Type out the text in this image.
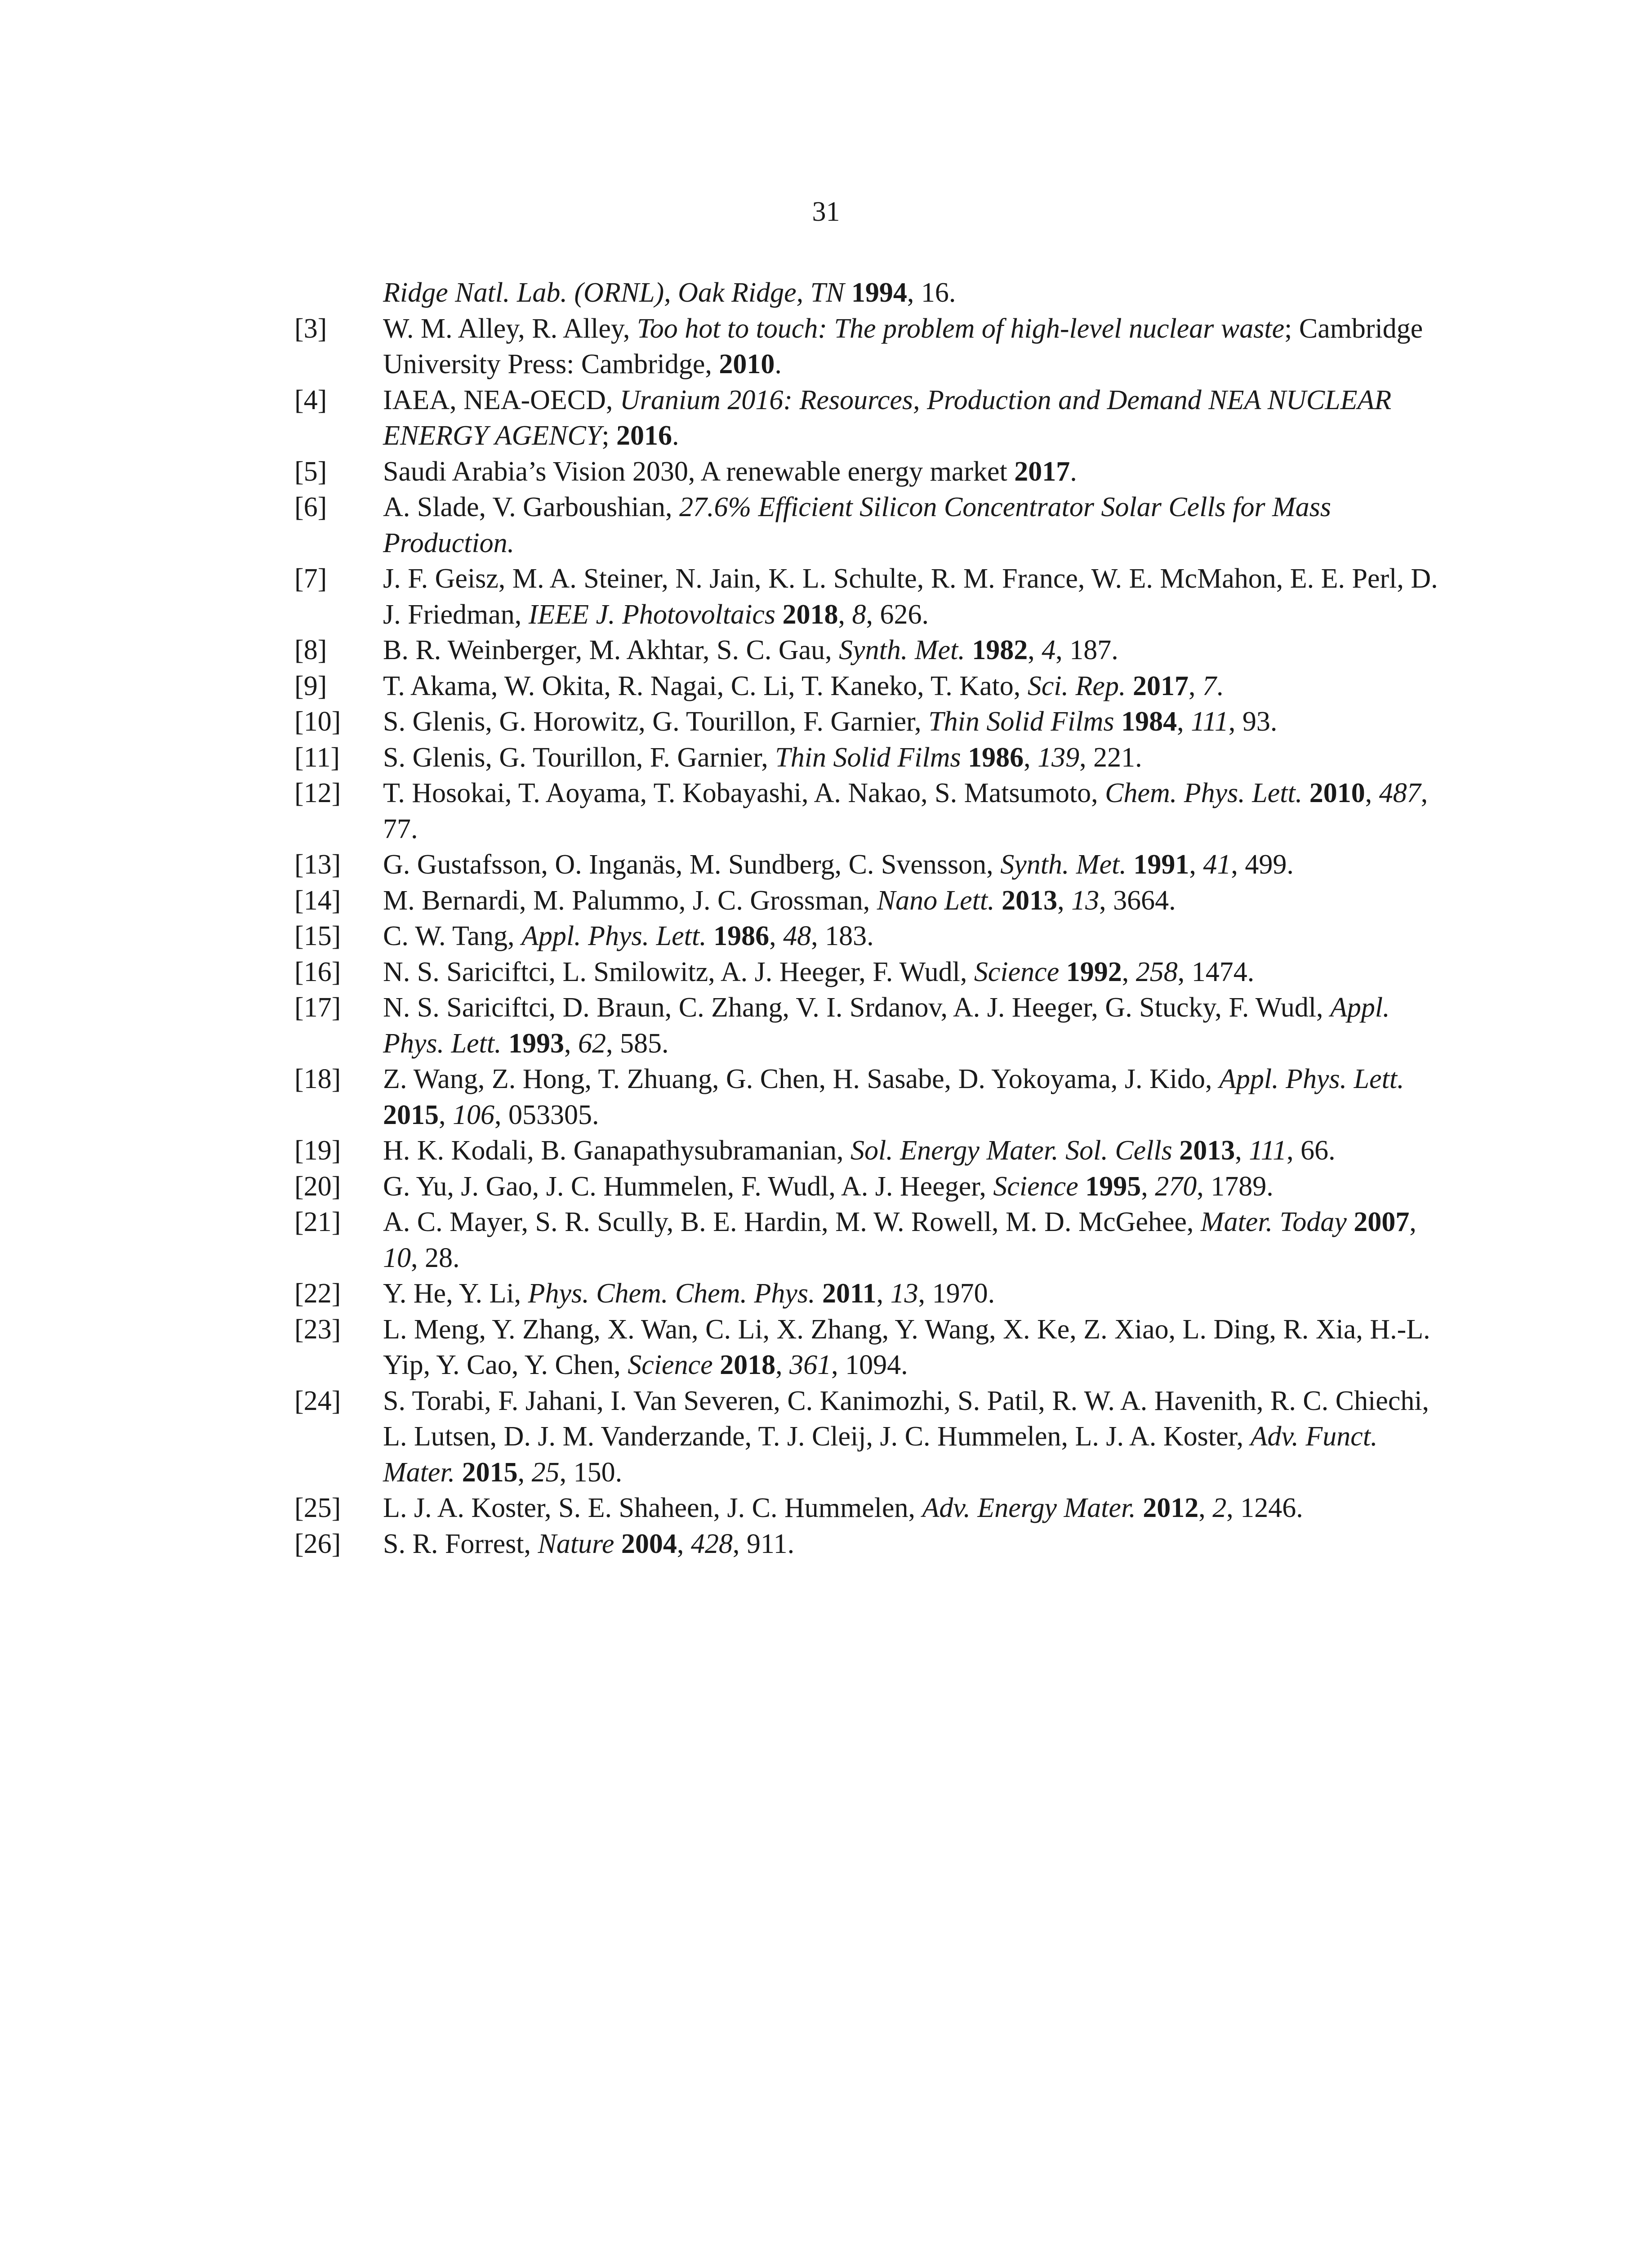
31
Ridge Natl. Lab. (ORNL), Oak Ridge, TN 1994, 16.
[3] W. M. Alley, R. Alley, Too hot to touch: The problem of high-level nuclear waste; Cambridge University Press: Cambridge, 2010.
[4] IAEA, NEA-OECD, Uranium 2016: Resources, Production and Demand NEA NUCLEAR ENERGY AGENCY; 2016.
[5] Saudi Arabia’s Vision 2030, A renewable energy market 2017.
[6] A. Slade, V. Garboushian, 27.6% Efficient Silicon Concentrator Solar Cells for Mass Production.
[7] J. F. Geisz, M. A. Steiner, N. Jain, K. L. Schulte, R. M. France, W. E. McMahon, E. E. Perl, D. J. Friedman, IEEE J. Photovoltaics 2018, 8, 626.
[8] B. R. Weinberger, M. Akhtar, S. C. Gau, Synth. Met. 1982, 4, 187.
[9] T. Akama, W. Okita, R. Nagai, C. Li, T. Kaneko, T. Kato, Sci. Rep. 2017, 7.
[10] S. Glenis, G. Horowitz, G. Tourillon, F. Garnier, Thin Solid Films 1984, 111, 93.
[11] S. Glenis, G. Tourillon, F. Garnier, Thin Solid Films 1986, 139, 221.
[12] T. Hosokai, T. Aoyama, T. Kobayashi, A. Nakao, S. Matsumoto, Chem. Phys. Lett. 2010, 487, 77.
[13] G. Gustafsson, O. Inganäs, M. Sundberg, C. Svensson, Synth. Met. 1991, 41, 499.
[14] M. Bernardi, M. Palummo, J. C. Grossman, Nano Lett. 2013, 13, 3664.
[15] C. W. Tang, Appl. Phys. Lett. 1986, 48, 183.
[16] N. S. Sariciftci, L. Smilowitz, A. J. Heeger, F. Wudl, Science 1992, 258, 1474.
[17] N. S. Sariciftci, D. Braun, C. Zhang, V. I. Srdanov, A. J. Heeger, G. Stucky, F. Wudl, Appl. Phys. Lett. 1993, 62, 585.
[18] Z. Wang, Z. Hong, T. Zhuang, G. Chen, H. Sasabe, D. Yokoyama, J. Kido, Appl. Phys. Lett. 2015, 106, 053305.
[19] H. K. Kodali, B. Ganapathysubramanian, Sol. Energy Mater. Sol. Cells 2013, 111, 66.
[20] G. Yu, J. Gao, J. C. Hummelen, F. Wudl, A. J. Heeger, Science 1995, 270, 1789.
[21] A. C. Mayer, S. R. Scully, B. E. Hardin, M. W. Rowell, M. D. McGehee, Mater. Today 2007, 10, 28.
[22] Y. He, Y. Li, Phys. Chem. Chem. Phys. 2011, 13, 1970.
[23] L. Meng, Y. Zhang, X. Wan, C. Li, X. Zhang, Y. Wang, X. Ke, Z. Xiao, L. Ding, R. Xia, H.-L. Yip, Y. Cao, Y. Chen, Science 2018, 361, 1094.
[24] S. Torabi, F. Jahani, I. Van Severen, C. Kanimozhi, S. Patil, R. W. A. Havenith, R. C. Chiechi, L. Lutsen, D. J. M. Vanderzande, T. J. Cleij, J. C. Hummelen, L. J. A. Koster, Adv. Funct. Mater. 2015, 25, 150.
[25] L. J. A. Koster, S. E. Shaheen, J. C. Hummelen, Adv. Energy Mater. 2012, 2, 1246.
[26] S. R. Forrest, Nature 2004, 428, 911.
